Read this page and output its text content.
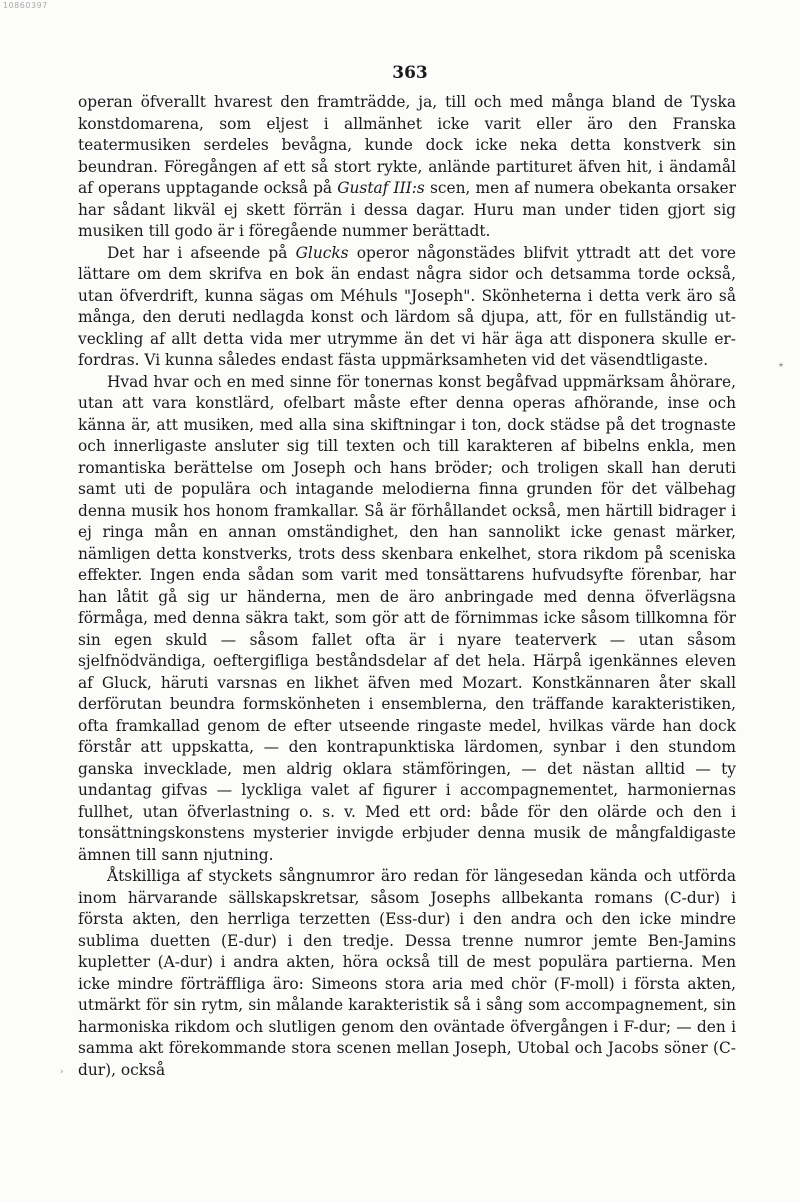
10860397
363

operan öfverallt hvarest den framträdde, ja, till och med många bland de Tyska konstdomarena, som eljest i allmänhet icke varit eller äro den Franska teatermusiken serdeles bevågna, kunde dock icke neka detta konstverk sin beundran. Föregången af ett så stort rykte, anlände partituret äfven hit, i ändamål af operans upptagande också på Gustaf III:s scen, men af numera obekanta orsaker har sådant likväl ej skett förrän i dessa dagar. Huru man under tiden gjort sig musiken till godo är i föregående nummer berättadt.

Det har i afseende på Glucks operor någonstädes blifvit yttradt att det vore lättare om dem skrifva en bok än endast några sidor och detsamma torde också, utan öfverdrift, kunna sägas om Méhuls "Joseph". Skönheterna i detta verk äro så många, den deruti nedlagda konst och lärdom så djupa, att, för en fullständig utveckling af allt detta vida mer utrymme än det vi här äga att disponera skulle erfordras. Vi kunna således endast fästa uppmärksamheten vid det väsendtligaste.

Hvad hvar och en med sinne för tonernas konst begåfvad uppmärksam åhörare, utan att vara konstlärd, ofelbart måste efter denna operas afhörande, inse och känna är, att musiken, med alla sina skiftningar i ton, dock städse på det trognaste och innerligaste ansluter sig till texten och till karakteren af bibelns enkla, men romantiska berättelse om Joseph och hans bröder; och troligen skall han deruti samt uti de populära och intagande melodierna finna grunden för det välbehag denna musik hos honom framkallar. Så är förhållandet också, men härtill bidrager i ej ringa mån en annan omständighet, den han sannolikt icke genast märker, nämligen detta konstverks, trots dess skenbara enkelhet, stora rikdom på sceniska effekter. Ingen enda sådan som varit med tonsättarens hufvudsyfte förenbar, har han låtit gå sig ur händerna, men de äro anbringade med denna öfverlägsna förmåga, med denna säkra takt, som gör att de förnimmas icke såsom tillkomna för sin egen skuld — såsom fallet ofta är i nyare teaterverk — utan såsom sjelfnödvändiga, oeftergifliga beståndsdelar af det hela. Härpå igenkännes eleven af Gluck, häruti varsnas en likhet äfven med Mozart. Konstkännaren åter skall derförutan beundra formskönheten i ensemblerna, den träffande karakteristiken, ofta framkallad genom de efter utseende ringaste medel, hvilkas värde han dock förstår att uppskatta, — den kontrapunktiska lärdomen, synbar i den stundom ganska invecklade, men aldrig oklara stämföringen, — det nästan alltid — ty undantag gifvas — lyckliga valet af figurer i accompagnementet, harmoniernas fullhet, utan öfverlastning o. s. v. Med ett ord: både för den olärde och den i tonsättningskonstens mysterier invigde erbjuder denna musik de mångfaldigaste ämnen till sann njutning.

Åtskilliga af styckets sångnumror äro redan för längesedan kända och utförda inom härvarande sällskapskretsar, såsom Josephs allbekanta romans (C-dur) i första akten, den herrliga terzetten (Ess-dur) i den andra och den icke mindre sublima duetten (E-dur) i den tredje. Dessa trenne numror jemte Ben-Jamins kupletter (A-dur) i andra akten, höra också till de mest populära partierna. Men icke mindre förträffliga äro: Simeons stora aria med chör (F-moll) i första akten, utmärkt för sin rytm, sin målande karakteristik så i sång som accompagnement, sin harmoniska rikdom och slutligen genom den oväntade öfvergången i F-dur; — den i samma akt förekommande stora scenen mellan Joseph, Utobal och Jacobs söner (C-dur), också

٭
›
